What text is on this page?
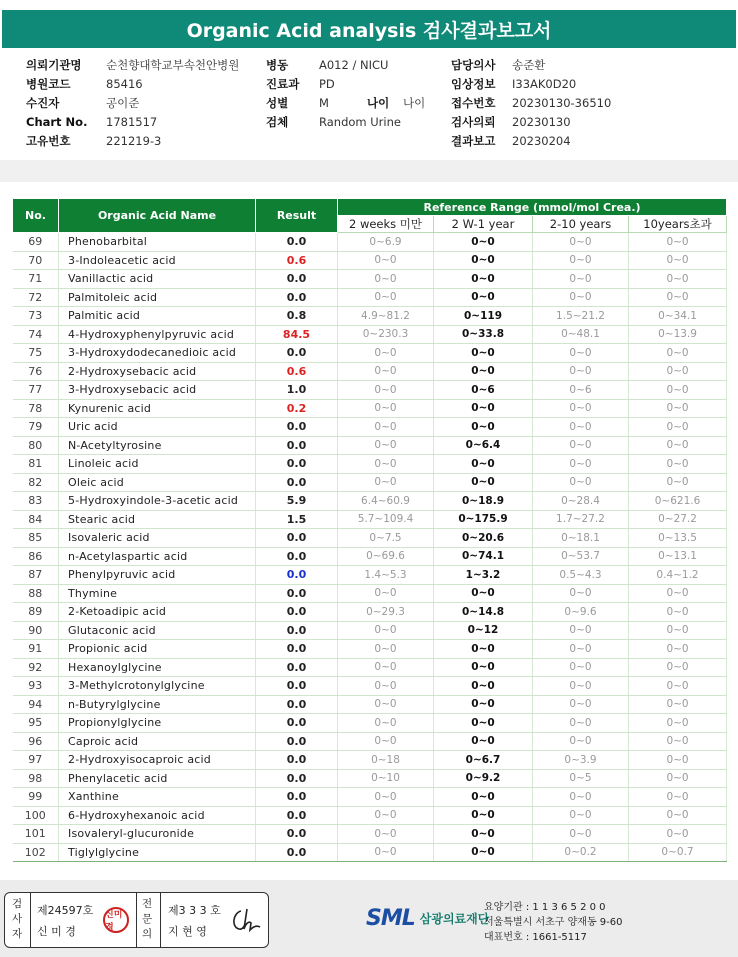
Organic Acid analysis 검사결과보고서
의뢰기관명 순천향대학교부속천안병원 병동	A012 / NICU	담당의사 송준환
병원코드	85416	진료과 PD	임상정보 I33AK0D20
수진자	공이준	성별	M	나이 나이 접수번호 20230130-36510
Chart No. 1781517	검체	Random Urine	검사의뢰 20230130
고유번호	221219-3	결과보고 20230204
No.	Organic Acid Name	Result	Reference Range (mmol/mol Crea.)			
			2 weeks 미만	2 W-1 year	2-10 years	10years초과
69	Phenobarbital	0.0	0~6.9	0~0	0~0	0~0
70	3-Indoleacetic acid	0.6	0~0	0~0	0~0	0~0
71	Vanillactic acid	0.0	0~0	0~0	0~0	0~0
72	Palmitoleic acid	0.0	0~0	0~0	0~0	0~0
73	Palmitic acid	0.8	4.9~81.2	0~119	1.5~21.2	0~34.1
74	4-Hydroxyphenylpyruvic acid	84.5	0~230.3	0~33.8	0~48.1	0~13.9
75	3-Hydroxydodecanedioic acid	0.0	0~0	0~0	0~0	0~0
76	2-Hydroxysebacic acid	0.6	0~0	0~0	0~0	0~0
77	3-Hydroxysebacic acid	1.0	0~0	0~6	0~6	0~0
78	Kynurenic acid	0.2	0~0	0~0	0~0	0~0
79	Uric acid	0.0	0~0	0~0	0~0	0~0
80	N-Acetyltyrosine	0.0	0~0	0~6.4	0~0	0~0
81	Linoleic acid	0.0	0~0	0~0	0~0	0~0
82	Oleic acid	0.0	0~0	0~0	0~0	0~0
83	5-Hydroxyindole-3-acetic acid	5.9	6.4~60.9	0~18.9	0~28.4	0~621.6
84	Stearic acid	1.5	5.7~109.4	0~175.9	1.7~27.2	0~27.2
85	Isovaleric acid	0.0	0~7.5	0~20.6	0~18.1	0~13.5
86	n-Acetylaspartic acid	0.0	0~69.6	0~74.1	0~53.7	0~13.1
87	Phenylpyruvic acid	0.0	1.4~5.3	1~3.2	0.5~4.3	0.4~1.2
88	Thymine	0.0	0~0	0~0	0~0	0~0
89	2-Ketoadipic acid	0.0	0~29.3	0~14.8	0~9.6	0~0
90	Glutaconic acid	0.0	0~0	0~12	0~0	0~0
91	Propionic acid	0.0	0~0	0~0	0~0	0~0
92	Hexanoylglycine	0.0	0~0	0~0	0~0	0~0
93	3-Methylcrotonylglycine	0.0	0~0	0~0	0~0	0~0
94	n-Butyrylglycine	0.0	0~0	0~0	0~0	0~0
95	Propionylglycine	0.0	0~0	0~0	0~0	0~0
96	Caproic acid	0.0	0~0	0~0	0~0	0~0
97	2-Hydroxyisocaproic acid	0.0	0~18	0~6.7	0~3.9	0~0
98	Phenylacetic acid	0.0	0~10	0~9.2	0~5	0~0
99	Xanthine	0.0	0~0	0~0	0~0	0~0
100	6-Hydroxyhexanoic acid	0.0	0~0	0~0	0~0	0~0
101	Isovaleryl-glucuronide	0.0	0~0	0~0	0~0	0~0
102	Tiglylglycine	0.0	0~0	0~0	0~0.2	0~0.7
검사자
제24597호
신 미 경
신미경
전문의
제3 3 3 호
지 현 영
SML 삼광의료재단
요양기관 : 1 1 3 6 5 2 0 0
서울특별시 서초구 양재동 9-60
대표번호 : 1661-5117
